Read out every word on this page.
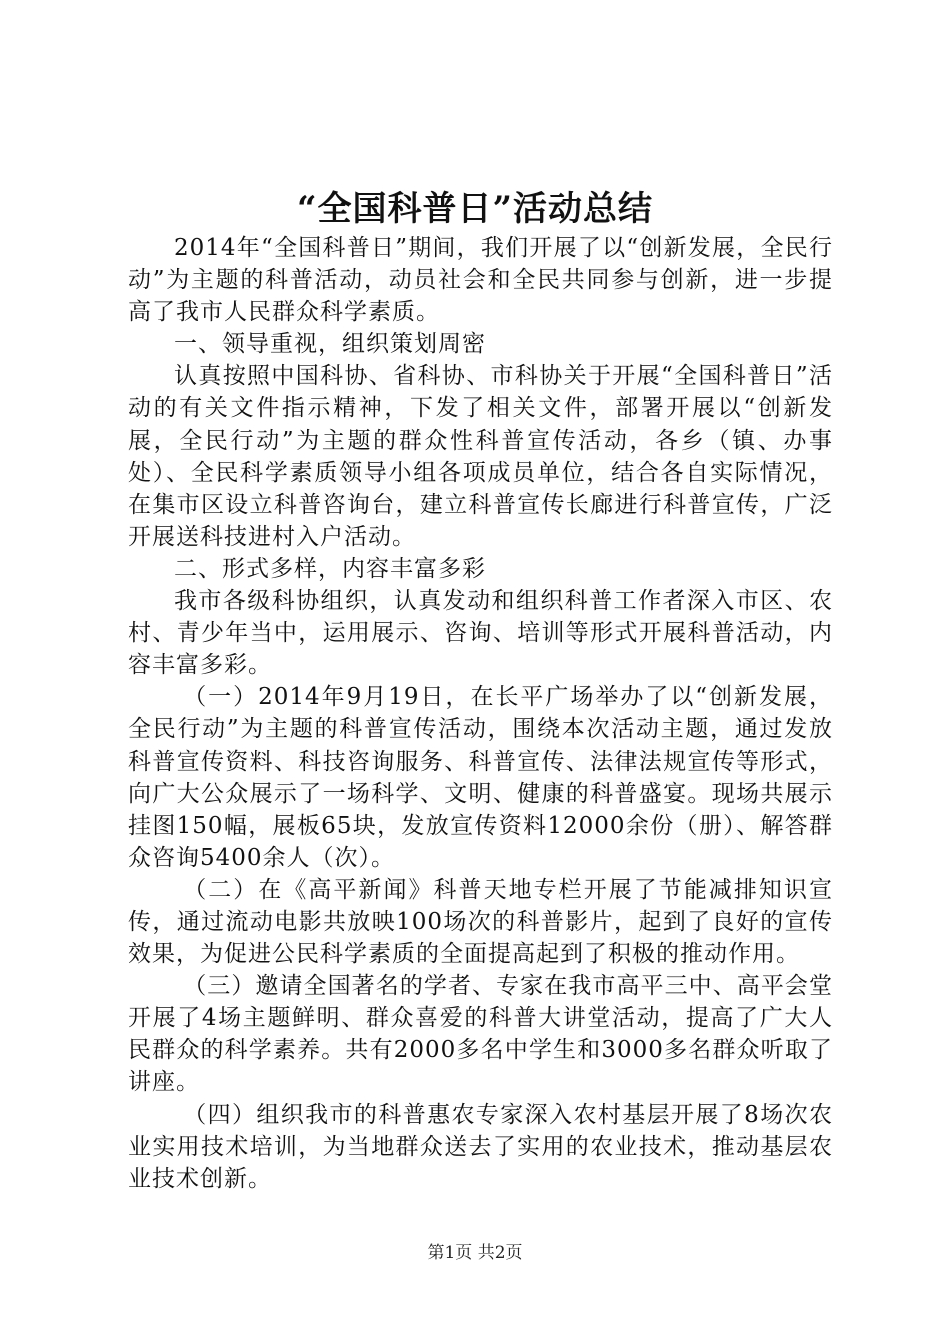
“全国科普日”活动总结

2014年“全国科普日”期间，我们开展了以“创新发展，全民行动”为主题的科普活动，动员社会和全民共同参与创新，进一步提高了我市人民群众科学素质。

一、领导重视，组织策划周密

认真按照中国科协、省科协、市科协关于开展“全国科普日”活动的有关文件指示精神，下发了相关文件，部署开展以“创新发展，全民行动”为主题的群众性科普宣传活动，各乡（镇、办事处）、全民科学素质领导小组各项成员单位，结合各自实际情况，在集市区设立科普咨询台，建立科普宣传长廊进行科普宣传，广泛开展送科技进村入户活动。

二、形式多样，内容丰富多彩

我市各级科协组织，认真发动和组织科普工作者深入市区、农村、青少年当中，运用展示、咨询、培训等形式开展科普活动，内容丰富多彩。

（一）2014年9月19日，在长平广场举办了以“创新发展，全民行动”为主题的科普宣传活动，围绕本次活动主题，通过发放科普宣传资料、科技咨询服务、科普宣传、法律法规宣传等形式，向广大公众展示了一场科学、文明、健康的科普盛宴。现场共展示挂图150幅，展板65块，发放宣传资料12000余份（册）、解答群众咨询5400余人（次）。

（二）在《高平新闻》科普天地专栏开展了节能减排知识宣传，通过流动电影共放映100场次的科普影片，起到了良好的宣传效果，为促进公民科学素质的全面提高起到了积极的推动作用。

（三）邀请全国著名的学者、专家在我市高平三中、高平会堂开展了4场主题鲜明、群众喜爱的科普大讲堂活动，提高了广大人民群众的科学素养。共有2000多名中学生和3000多名群众听取了讲座。

（四）组织我市的科普惠农专家深入农村基层开展了8场次农业实用技术培训，为当地群众送去了实用的农业技术，推动基层农业技术创新。

第1页 共2页
